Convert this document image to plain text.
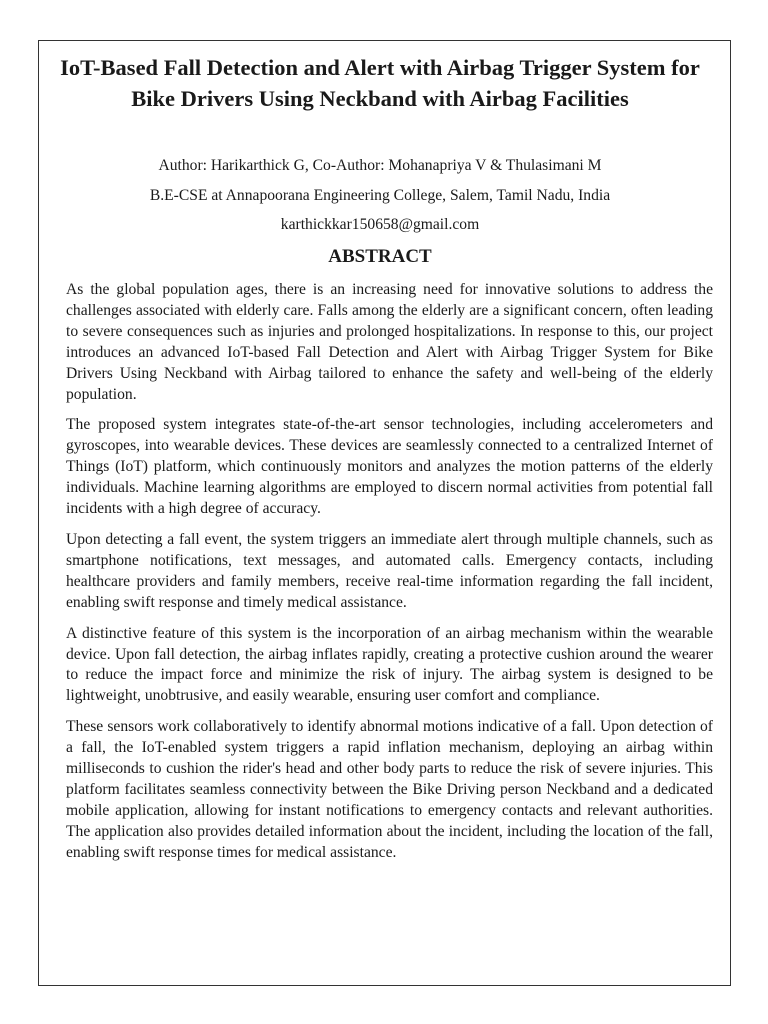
IoT-Based Fall Detection and Alert with Airbag Trigger System for Bike Drivers Using Neckband with Airbag Facilities

Author: Harikarthick G, Co-Author: Mohanapriya V & Thulasimani M

B.E-CSE at Annapoorana Engineering College, Salem, Tamil Nadu, India

karthickkar150658@gmail.com

ABSTRACT

As the global population ages, there is an increasing need for innovative solutions to address the challenges associated with elderly care. Falls among the elderly are a significant concern, often leading to severe consequences such as injuries and prolonged hospitalizations. In response to this, our project introduces an advanced IoT-based Fall Detection and Alert with Airbag Trigger System for Bike Drivers Using Neckband with Airbag tailored to enhance the safety and well-being of the elderly population.

The proposed system integrates state-of-the-art sensor technologies, including accelerometers and gyroscopes, into wearable devices. These devices are seamlessly connected to a centralized Internet of Things (IoT) platform, which continuously monitors and analyzes the motion patterns of the elderly individuals. Machine learning algorithms are employed to discern normal activities from potential fall incidents with a high degree of accuracy.

Upon detecting a fall event, the system triggers an immediate alert through multiple channels, such as smartphone notifications, text messages, and automated calls. Emergency contacts, including healthcare providers and family members, receive real-time information regarding the fall incident, enabling swift response and timely medical assistance.

A distinctive feature of this system is the incorporation of an airbag mechanism within the wearable device. Upon fall detection, the airbag inflates rapidly, creating a protective cushion around the wearer to reduce the impact force and minimize the risk of injury. The airbag system is designed to be lightweight, unobtrusive, and easily wearable, ensuring user comfort and compliance.

These sensors work collaboratively to identify abnormal motions indicative of a fall. Upon detection of a fall, the IoT-enabled system triggers a rapid inflation mechanism, deploying an airbag within milliseconds to cushion the rider's head and other body parts to reduce the risk of severe injuries. This platform facilitates seamless connectivity between the Bike Driving person Neckband and a dedicated mobile application, allowing for instant notifications to emergency contacts and relevant authorities. The application also provides detailed information about the incident, including the location of the fall, enabling swift response times for medical assistance.
